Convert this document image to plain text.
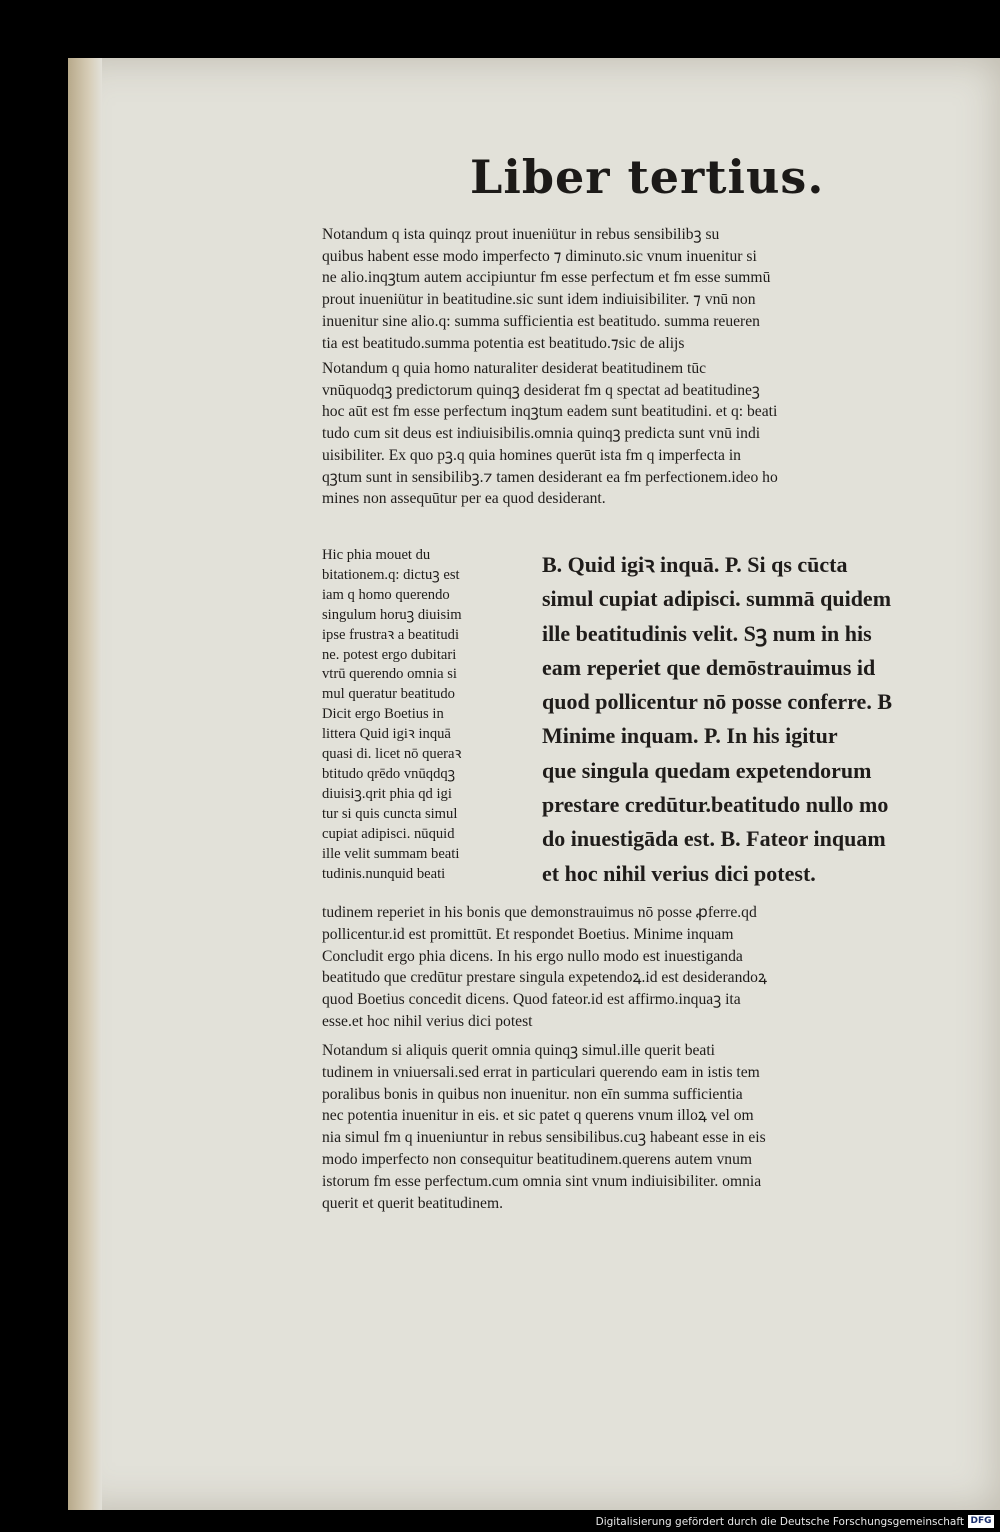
Liber tertius.
Notandum q ista quinqz prout inueniütur in rebus sensibilibꝫ su
quibus habent esse modo imperfecto ⁊ diminuto.sic vnum inuenitur si
ne alio.inqꝫtum autem accipiuntur fm esse perfectum et fm esse summū
prout inueniütur in beatitudine.sic sunt idem indiuisibiliter. ⁊ vnū non
inuenitur sine alio.q: summa sufficientia est beatitudo. summa reueren
tia est beatitudo.summa potentia est beatitudo.⁊sic de alijs
Notandum q quia homo naturaliter desiderat beatitudinem tūc
vnūquodqꝫ predictorum quinqꝫ desiderat fm q spectat ad beatitudineꝫ
hoc aūt est fm esse perfectum inqꝫtum eadem sunt beatitudini. et q: beati
tudo cum sit deus est indiuisibilis.omnia quinqꝫ predicta sunt vnū indi
uisibiliter. Ex quo pꝫ.q quia homines querūt ista fm q imperfecta in
qꝫtum sunt in sensibilibꝫ.⁊ tamen desiderant ea fm perfectionem.ideo ho
mines non assequūtur per ea quod desiderant.
Hic phia mouet du
bitationem.q: dictuꝫ est
iam q homo querendo
singulum horuꝫ diuisim
ipse frustraꝛ a beatitudi
ne. potest ergo dubitari
vtrū querendo omnia si
mul queratur beatitudo
Dicit ergo Boetius in
littera Quid igiꝛ inquā
quasi di. licet nō queraꝛ
btitudo qrēdo vnūqdqꝫ
diuisiꝫ.qrit phia qd igi
tur si quis cuncta simul
cupiat adipisci. nūquid
ille velit summam beati
tudinis.nunquid beati
B. Quid igiꝛ inquā. P. Si qs cūcta
simul cupiat adipisci. summā quidem
ille beatitudinis velit. Sꝫ num in his
eam reperiet que demōstrauimus id
quod pollicentur nō posse conferre. B
Minime inquam. P. In his igitur
que singula quedam expetendorum
prestare credūtur.beatitudo nullo mo
do inuestigāda est. B. Fateor inquam
et hoc nihil verius dici potest.
tudinem reperiet in his bonis que demonstrauimus nō posse ꝓferre.qd
pollicentur.id est promittūt. Et respondet Boetius. Minime inquam
Concludit ergo phia dicens. In his ergo nullo modo est inuestiganda
beatitudo que credūtur prestare singula expetendoꝝ.id est desiderandoꝝ
quod Boetius concedit dicens. Quod fateor.id est affirmo.inquaꝫ ita
esse.et hoc nihil verius dici potest
Notandum si aliquis querit omnia quinqꝫ simul.ille querit beati
tudinem in vniuersali.sed errat in particulari querendo eam in istis tem
poralibus bonis in quibus non inuenitur. non eīn summa sufficientia
nec potentia inuenitur in eis. et sic patet q querens vnum illoꝝ vel om
nia simul fm q inueniuntur in rebus sensibilibus.cuꝫ habeant esse in eis
modo imperfecto non consequitur beatitudinem.querens autem vnum
istorum fm esse perfectum.cum omnia sint vnum indiuisibiliter. omnia
querit et querit beatitudinem.
Digitalisierung gefördert durch die Deutsche Forschungsgemeinschaft DFG
